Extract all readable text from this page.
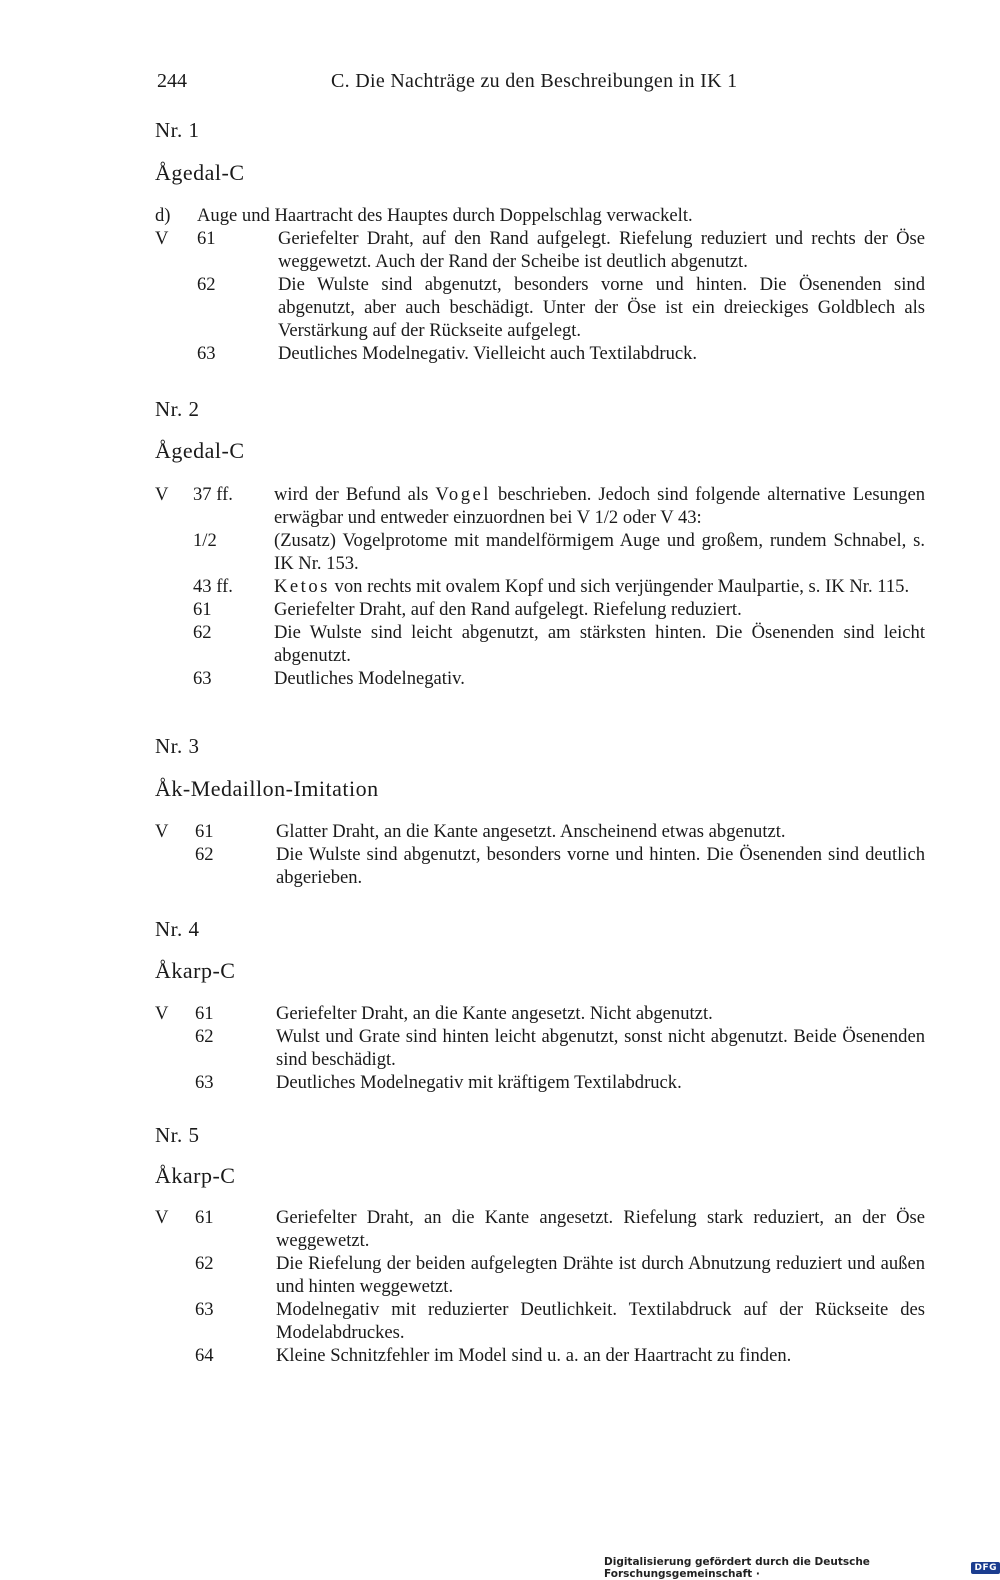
244	C. Die Nachträge zu den Beschreibungen in IK 1
Nr. 1
Ågedal-C
d) Auge und Haartracht des Hauptes durch Doppelschlag verwackelt.
V 61	Geriefelter Draht, auf den Rand aufgelegt. Riefelung reduziert und rechts der Öse weggewetzt. Auch der Rand der Scheibe ist deutlich abgenutzt.
62	Die Wulste sind abgenutzt, besonders vorne und hinten. Die Ösenenden sind abgenutzt, aber auch beschädigt. Unter der Öse ist ein dreieckiges Goldblech als Verstärkung auf der Rückseite aufgelegt.
63	Deutliches Modelnegativ. Vielleicht auch Textilabdruck.
Nr. 2
Ågedal-C
V 37 ff. wird der Befund als Vogel beschrieben. Jedoch sind folgende alternative Lesungen erwägbar und entweder einzuordnen bei V 1/2 oder V 43:
1/2	(Zusatz) Vogelprotome mit mandelförmigem Auge und großem, rundem Schnabel, s. IK Nr. 153.
43 ff. Ketos von rechts mit ovalem Kopf und sich verjüngender Maulpartie, s. IK Nr. 115.
61	Geriefelter Draht, auf den Rand aufgelegt. Riefelung reduziert.
62	Die Wulste sind leicht abgenutzt, am stärksten hinten. Die Ösenenden sind leicht abgenutzt.
63	Deutliches Modelnegativ.
Nr. 3
Åk-Medaillon-Imitation
V 61	Glatter Draht, an die Kante angesetzt. Anscheinend etwas abgenutzt.
62	Die Wulste sind abgenutzt, besonders vorne und hinten. Die Ösenenden sind deutlich abgerieben.
Nr. 4
Åkarp-C
V 61	Geriefelter Draht, an die Kante angesetzt. Nicht abgenutzt.
62	Wulst und Grate sind hinten leicht abgenutzt, sonst nicht abgenutzt. Beide Ösenenden sind beschädigt.
63	Deutliches Modelnegativ mit kräftigem Textilabdruck.
Nr. 5
Åkarp-C
V 61	Geriefelter Draht, an die Kante angesetzt. Riefelung stark reduziert, an der Öse weggewetzt.
62	Die Riefelung der beiden aufgelegten Drähte ist durch Abnutzung reduziert und außen und hinten weggewetzt.
63	Modelnegativ mit reduzierter Deutlichkeit. Textilabdruck auf der Rückseite des Modelabdruckes.
64	Kleine Schnitzfehler im Model sind u. a. an der Haartracht zu finden.
Digitalisierung gefördert durch die Deutsche Forschungsgemeinschaft ·	DFG
